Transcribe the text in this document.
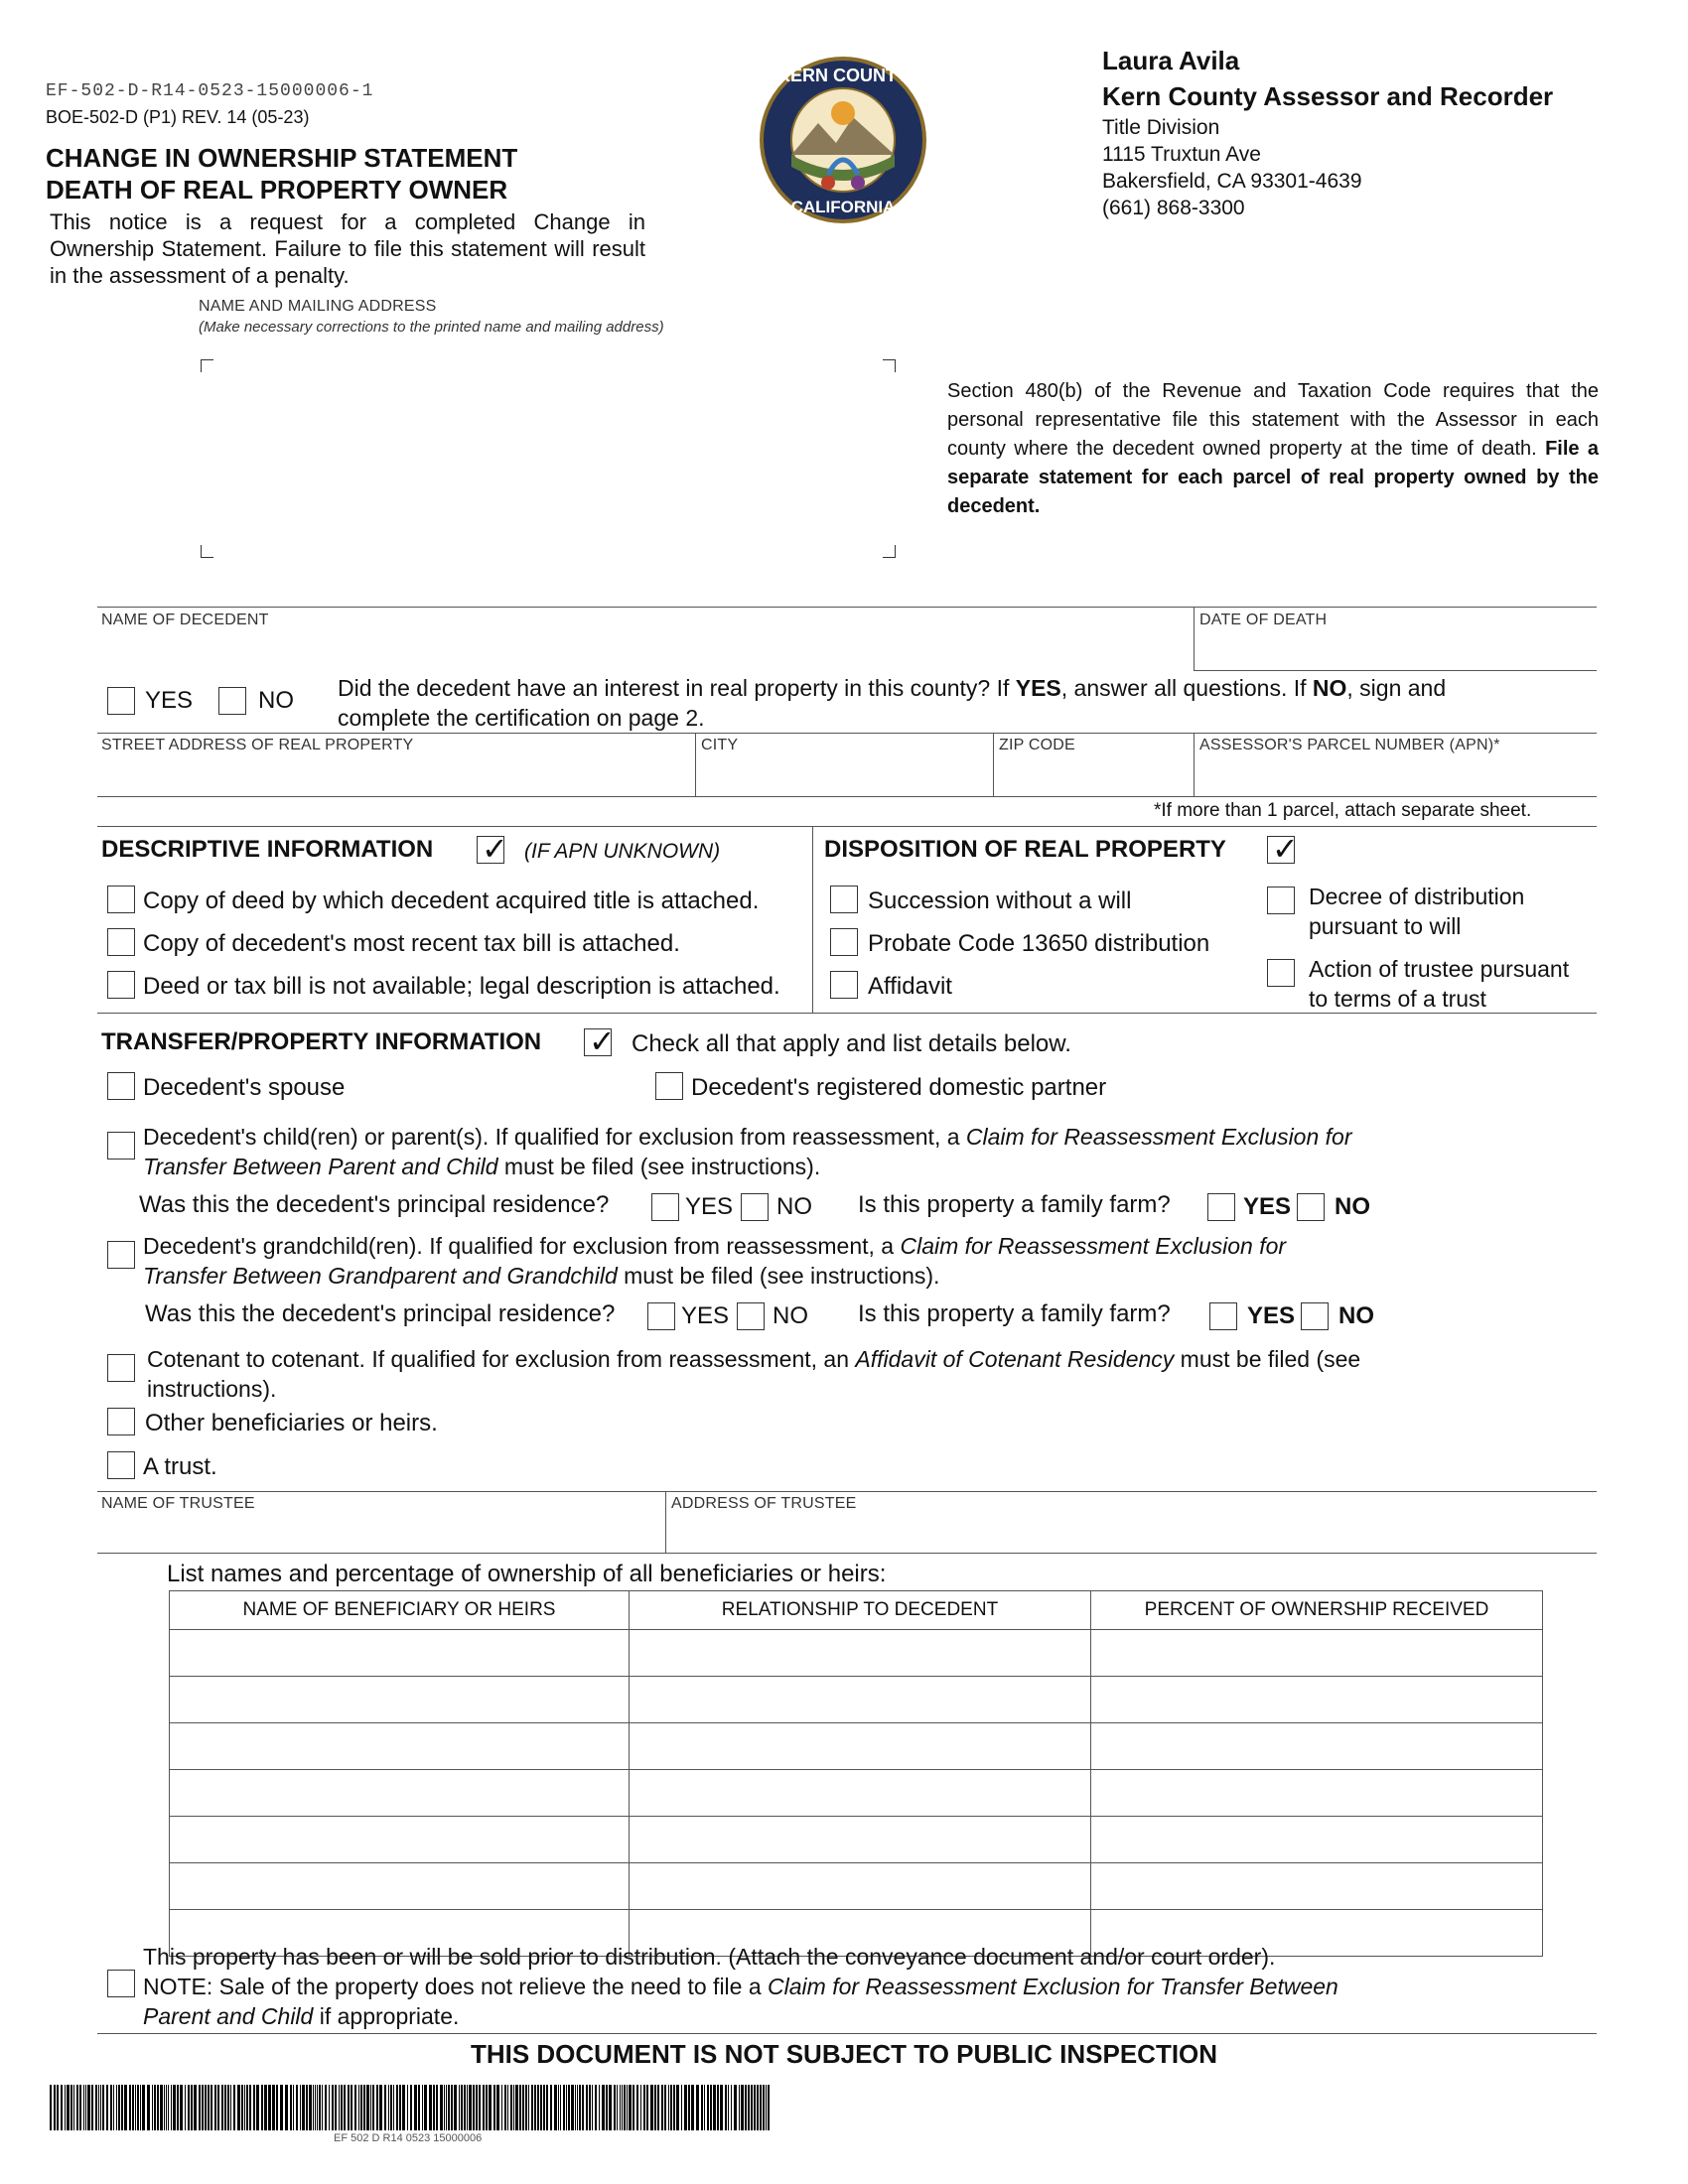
EF-502-D-R14-0523-15000006-1
BOE-502-D (P1) REV. 14 (05-23)
CHANGE IN OWNERSHIP STATEMENT
DEATH OF REAL PROPERTY OWNER
This notice is a request for a completed Change in Ownership Statement. Failure to file this statement will result in the assessment of a penalty.
KERN COUNTY
CALIFORNIA
Laura Avila
Kern County Assessor and Recorder
Title Division
1115 Truxtun Ave
Bakersfield, CA 93301-4639
(661) 868-3300
NAME AND MAILING ADDRESS
(Make necessary corrections to the printed name and mailing address)
Section 480(b) of the Revenue and Taxation Code requires that the personal representative file this statement with the Assessor in each county where the decedent owned property at the time of death. File a separate statement for each parcel of real property owned by the decedent.
NAME OF DECEDENT	DATE OF DEATH
YES	NO Did the decedent have an interest in real property in this county? If YES, answer all questions. If NO, sign and
complete the certification on page 2.
STREET ADDRESS OF REAL PROPERTY	CITY	ZIP CODE	ASSESSOR'S PARCEL NUMBER (APN)*
*If more than 1 parcel, attach separate sheet.
DESCRIPTIVE INFORMATION ✓ (IF APN UNKNOWN)
Copy of deed by which decedent acquired title is attached.
Copy of decedent's most recent tax bill is attached.
Deed or tax bill is not available; legal description is attached.
DISPOSITION OF REAL PROPERTY ✓
Succession without a will
Probate Code 13650 distribution
Affidavit
Decree of distribution
pursuant to will
Action of trustee pursuant
to terms of a trust
TRANSFER/PROPERTY INFORMATION ✓ Check all that apply and list details below.
Decedent's spouse	Decedent's registered domestic partner
Decedent's child(ren) or parent(s). If qualified for exclusion from reassessment, a Claim for Reassessment Exclusion for
Transfer Between Parent and Child must be filed (see instructions).
Was this the decedent's principal residence?	YES NO Is this property a family farm?	YES NO
Decedent's grandchild(ren). If qualified for exclusion from reassessment, a Claim for Reassessment Exclusion for
Transfer Between Grandparent and Grandchild must be filed (see instructions).
Was this the decedent's principal residence?	YES NO Is this property a family farm?	YES NO
Cotenant to cotenant. If qualified for exclusion from reassessment, an Affidavit of Cotenant Residency must be filed (see
instructions).
Other beneficiaries or heirs.
A trust.
NAME OF TRUSTEE	ADDRESS OF TRUSTEE
List names and percentage of ownership of all beneficiaries or heirs:
NAME OF BENEFICIARY OR HEIRS	RELATIONSHIP TO DECEDENT	PERCENT OF OWNERSHIP RECEIVED

This property has been or will be sold prior to distribution. (Attach the conveyance document and/or court order).
NOTE: Sale of the property does not relieve the need to file a Claim for Reassessment Exclusion for Transfer Between
Parent and Child if appropriate.
THIS DOCUMENT IS NOT SUBJECT TO PUBLIC INSPECTION
EF 502 D R14 0523 15000006
